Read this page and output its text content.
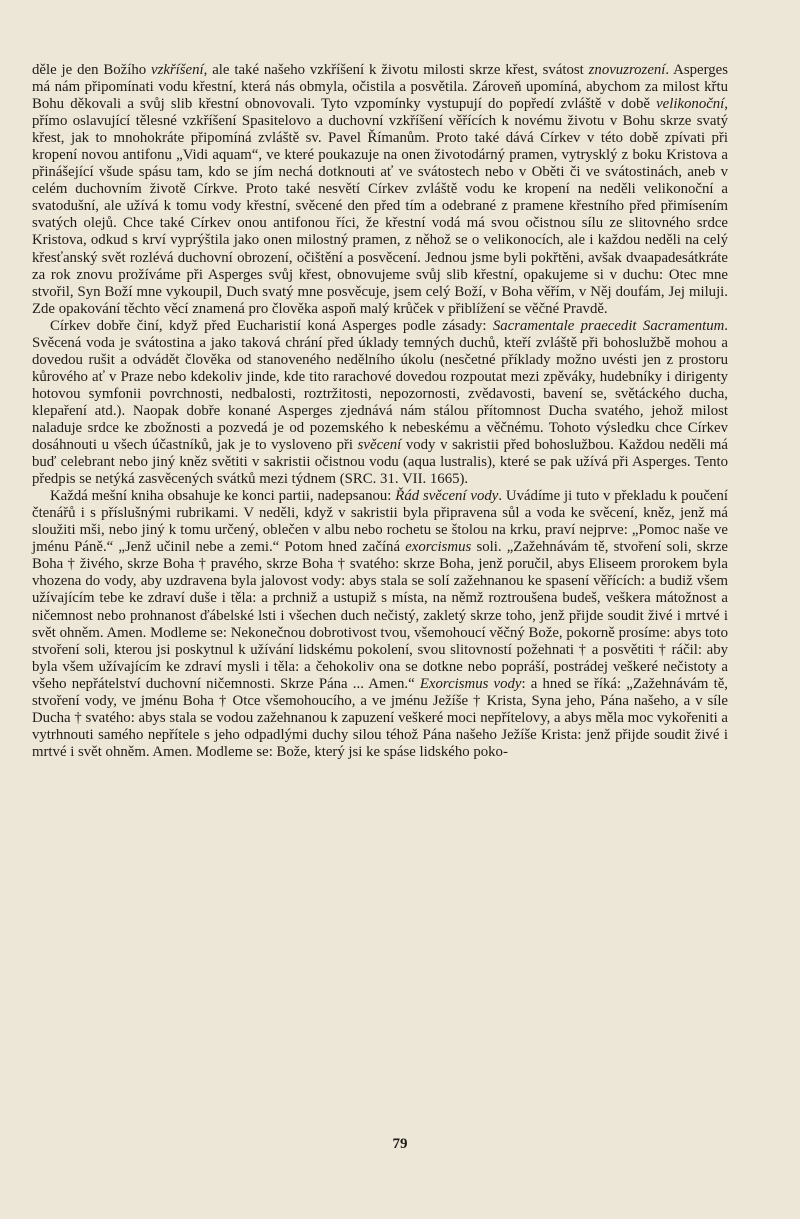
děle je den Božího vzkříšení, ale také našeho vzkříšení k životu milosti skrze křest, svátost znovuzrození. Asperges má nám připomínati vodu křestní, která nás obmyla, očistila a posvětila. Zároveň upomíná, abychom za milost křtu Bohu děkovali a svůj slib křestní obnovovali. Tyto vzpomínky vystupují do popředí zvláště v době velikonoční, přímo oslavující tělesné vzkříšení Spasitelovo a duchovní vzkříšení věřících k novému životu v Bohu skrze svatý křest, jak to mnohokráte připomíná zvláště sv. Pavel Římanům. Proto také dává Církev v této době zpívati při kropení novou antifonu „Vidi aquam“, ve které poukazuje na onen životodárný pramen, vytrysklý z boku Kristova a přinášející všude spásu tam, kdo se jím nechá dotknouti ať ve svátostech nebo v Oběti či ve svátostinách, aneb v celém duchovním životě Církve. Proto také nesvětí Církev zvláště vodu ke kropení na neděli velikonoční a svatodušní, ale užívá k tomu vody křestní, svěcené den před tím a odebrané z pramene křestního před přimísením svatých olejů. Chce také Církev onou antifonou říci, že křestní vodá má svou očistnou sílu ze slitovného srdce Kristova, odkud s krví vyprýštila jako onen milostný pramen, z něhož se o velikonocích, ale i každou neděli na celý křesťanský svět rozlévá duchovní obrození, očištění a posvěcení. Jednou jsme byli pokřtěni, avšak dvaapadesátkráte za rok znovu prožíváme při Asperges svůj křest, obnovujeme svůj slib křestní, opakujeme si v duchu: Otec mne stvořil, Syn Boží mne vykoupil, Duch svatý mne posvěcuje, jsem celý Boží, v Boha věřím, v Něj doufám, Jej miluji. Zde opakování těchto věcí znamená pro člověka aspoň malý krůček v přiblížení se věčné Pravdě.

Církev dobře činí, když před Eucharistií koná Asperges podle zásady: Sacramentale praecedit Sacramentum. Svěcená voda je svátostina a jako taková chrání před úklady temných duchů, kteří zvláště při bohoslužbě mohou a dovedou rušit a odvádět člověka od stanoveného nedělního úkolu (nesčetné příklady možno uvésti jen z prostoru kůrového ať v Praze nebo kdekoliv jinde, kde tito rarachové dovedou rozpoutat mezi zpěváky, hudebníky i dirigenty hotovou symfonii povrchnosti, nedbalosti, roztržitosti, nepozornosti, zvědavosti, bavení se, světáckého ducha, klepaření atd.). Naopak dobře konané Asperges zjednává nám stálou přítomnost Ducha svatého, jehož milost naladuje srdce ke zbožnosti a pozvedá je od pozemského k nebeskému a věčnému. Tohoto výsledku chce Církev dosáhnouti u všech účastníků, jak je to vysloveno při svěcení vody v sakristii před bohoslužbou. Každou neděli má buď celebrant nebo jiný kněz světiti v sakristii očistnou vodu (aqua lustralis), které se pak užívá při Asperges. Tento předpis se netýká zasvěcených svátků mezi týdnem (SRC. 31. VII. 1665).

Každá mešní kniha obsahuje ke konci partii, nadepsanou: Řád svěcení vody. Uvádíme ji tuto v překladu k poučení čtenářů i s příslušnými rubrikami. V neděli, když v sakristii byla připravena sůl a voda ke svěcení, kněz, jenž má sloužiti mši, nebo jiný k tomu určený, oblečen v albu nebo rochetu se štolou na krku, praví nejprve: „Pomoc naše ve jménu Páně.“ „Jenž učinil nebe a zemi.“ Potom hned začíná exorcismus soli. „Zažehnávám tě, stvoření soli, skrze Boha † živého, skrze Boha † pravého, skrze Boha † svatého: skrze Boha, jenž poručil, abys Eliseem prorokem byla vhozena do vody, aby uzdravena byla jalovost vody: abys stala se solí zažehnanou ke spasení věřících: a budiž všem užívajícím tebe ke zdraví duše i těla: a prchniž a ustupiž s místa, na němž roztroušena budeš, veškera mátožnost a ničemnost nebo prohnanost ďábelské lsti i všechen duch nečistý, zakletý skrze toho, jenž přijde soudit živé i mrtvé i svět ohněm. Amen. Modleme se: Nekonečnou dobrotivost tvou, všemohoucí věčný Bože, pokorně prosíme: abys toto stvoření soli, kterou jsi poskytnul k užívání lidskému pokolení, svou slitovností požehnati † a posvětiti † ráčil: aby byla všem užívajícím ke zdraví mysli i těla: a čehokoliv ona se dotkne nebo popráší, postrádej veškeré nečistoty a všeho nepřátelství duchovní ničemnosti. Skrze Pána ... Amen.“ Exorcismus vody: a hned se říká: „Zažehnávám tě, stvoření vody, ve jménu Boha † Otce všemohoucího, a ve jménu Ježíše † Krista, Syna jeho, Pána našeho, a v síle Ducha † svatého: abys stala se vodou zažehnanou k zapuzení veškeré moci nepřítelovy, a abys měla moc vykořeniti a vytrhnouti samého nepřítele s jeho odpadlými duchy silou téhož Pána našeho Ježíše Krista: jenž přijde soudit živé i mrtvé i svět ohněm. Amen. Modleme se: Bože, který jsi ke spáse lidského poko-

79
